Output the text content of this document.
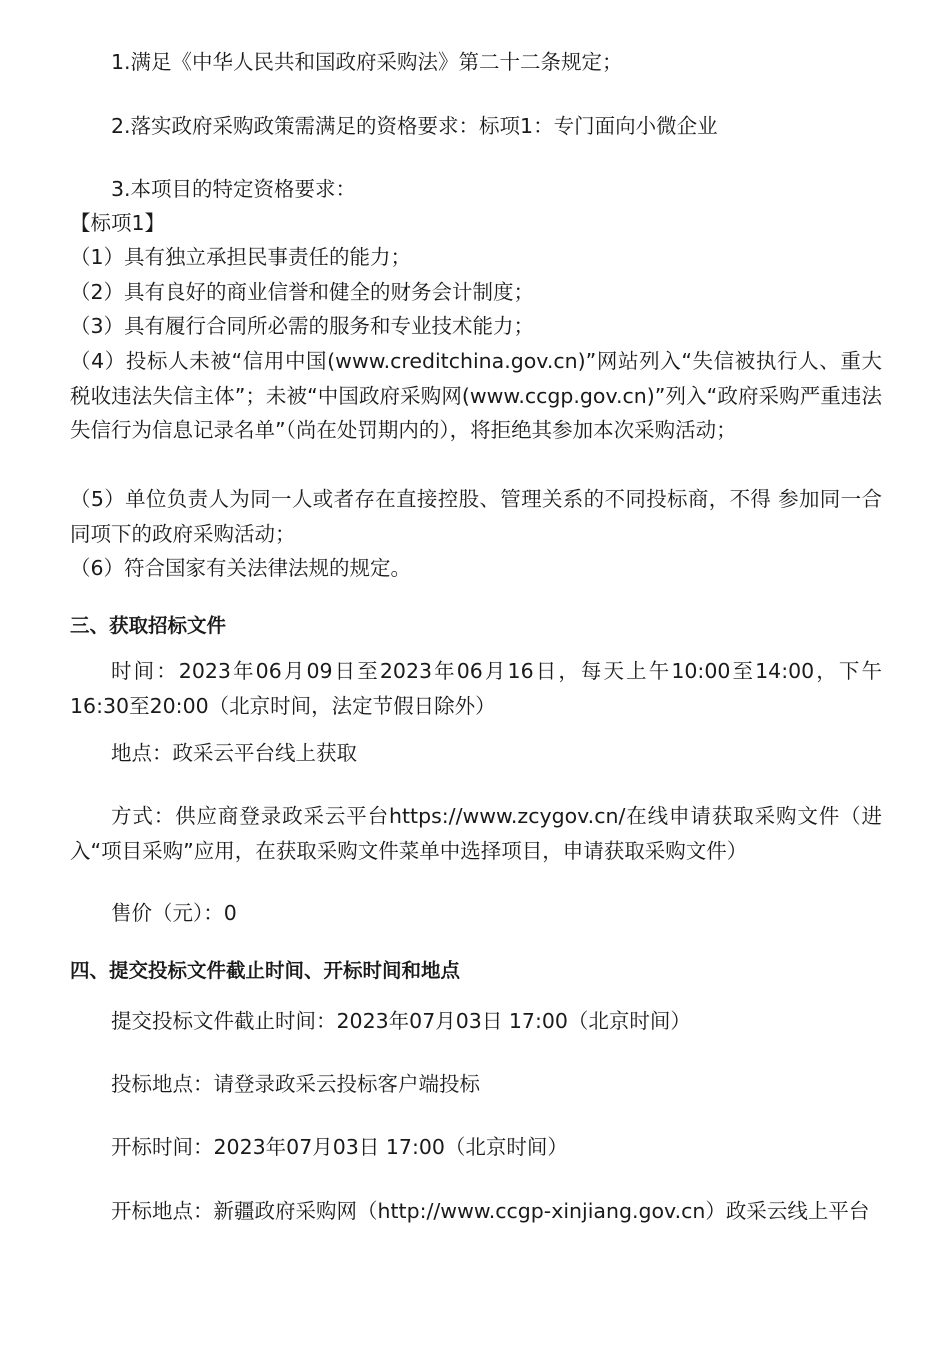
1.满足《中华人民共和国政府采购法》第二十二条规定；
2.落实政府采购政策需满足的资格要求：标项1：专门面向小微企业
3.本项目的特定资格要求：
【标项1】
（1）具有独立承担民事责任的能力；
（2）具有良好的商业信誉和健全的财务会计制度；
（3）具有履行合同所必需的服务和专业技术能力；
（4）投标人未被“信用中国(www.creditchina.gov.cn)”网站列入“失信被执行人、重大税收违法失信主体”；未被“中国政府采购网(www.ccgp.gov.cn)”列入“政府采购严重违法失信行为信息记录名单”（尚在处罚期内的），将拒绝其参加本次采购活动；
（5）单位负责人为同一人或者存在直接控股、管理关系的不同投标商，不得 参加同一合同项下的政府采购活动；
（6）符合国家有关法律法规的规定。
三、获取招标文件
时间：2023年06月09日至2023年06月16日，每天上午10:00至14:00，下午16:30至20:00（北京时间，法定节假日除外）
地点：政采云平台线上获取
方式：供应商登录政采云平台https://www.zcygov.cn/在线申请获取采购文件（进入“项目采购”应用，在获取采购文件菜单中选择项目，申请获取采购文件）
售价（元）：0
四、提交投标文件截止时间、开标时间和地点
提交投标文件截止时间：2023年07月03日 17:00（北京时间）
投标地点：请登录政采云投标客户端投标
开标时间：2023年07月03日 17:00（北京时间）
开标地点：新疆政府采购网（http://www.ccgp-xinjiang.gov.cn）政采云线上平台
